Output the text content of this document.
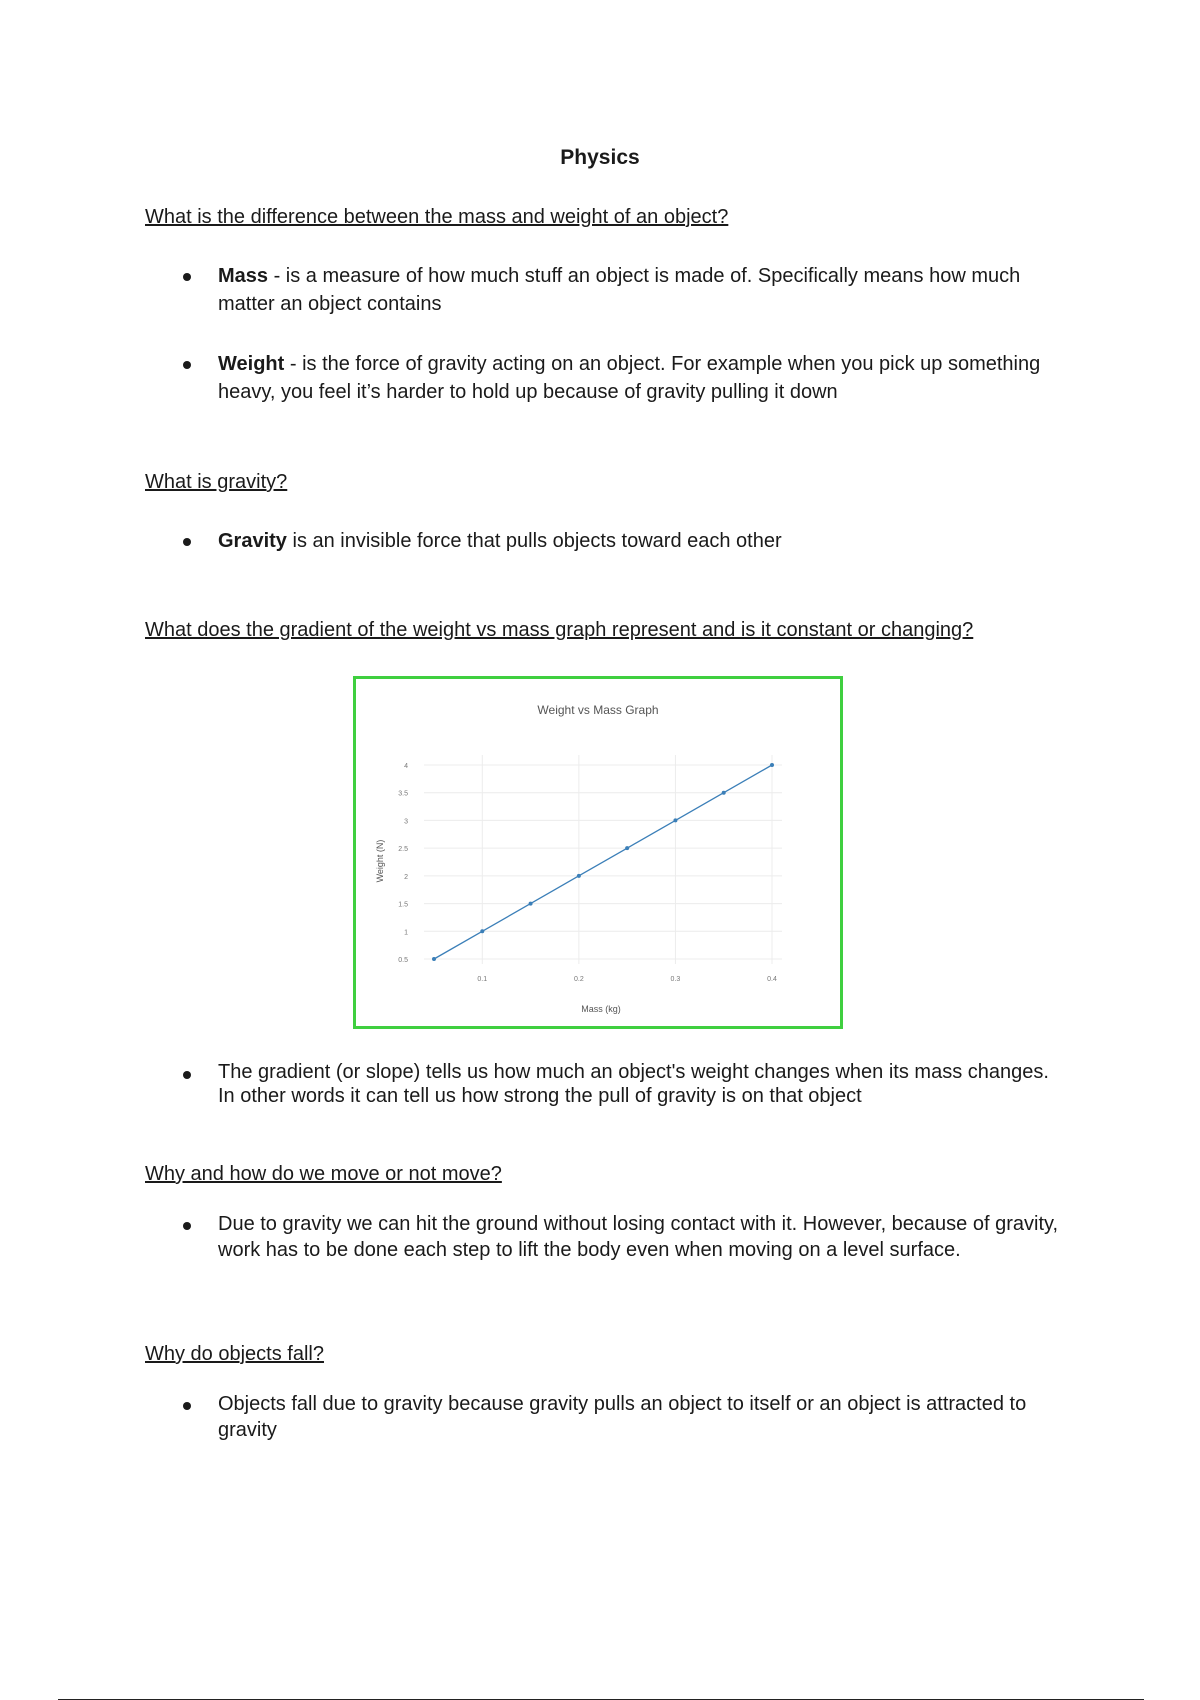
Physics
What is the difference between the mass and weight of an object?
Mass - is a measure of how much stuff an object is made of. Specifically means how much matter an object contains
Weight - is the force of gravity acting on an object. For example when you pick up something heavy, you feel it’s harder to hold up because of gravity pulling it down
What is gravity?
Gravity is an invisible force that pulls objects toward each other
What does the gradient of the weight vs mass graph represent and is it constant or changing?
Weight vs Mass Graph
Weight (N)
Mass (kg)
0.5
1
1.5
2
2.5
3
3.5
4
0.1	0.2	0.3	0.4
The gradient (or slope) tells us how much an object's weight changes when its mass changes. In other words it can tell us how strong the pull of gravity is on that object
Why and how do we move or not move?
Due to gravity we can hit the ground without losing contact with it. However, because of gravity, work has to be done each step to lift the body even when moving on a level surface.
Why do objects fall?
Objects fall due to gravity because gravity pulls an object to itself or an object is attracted to gravity
